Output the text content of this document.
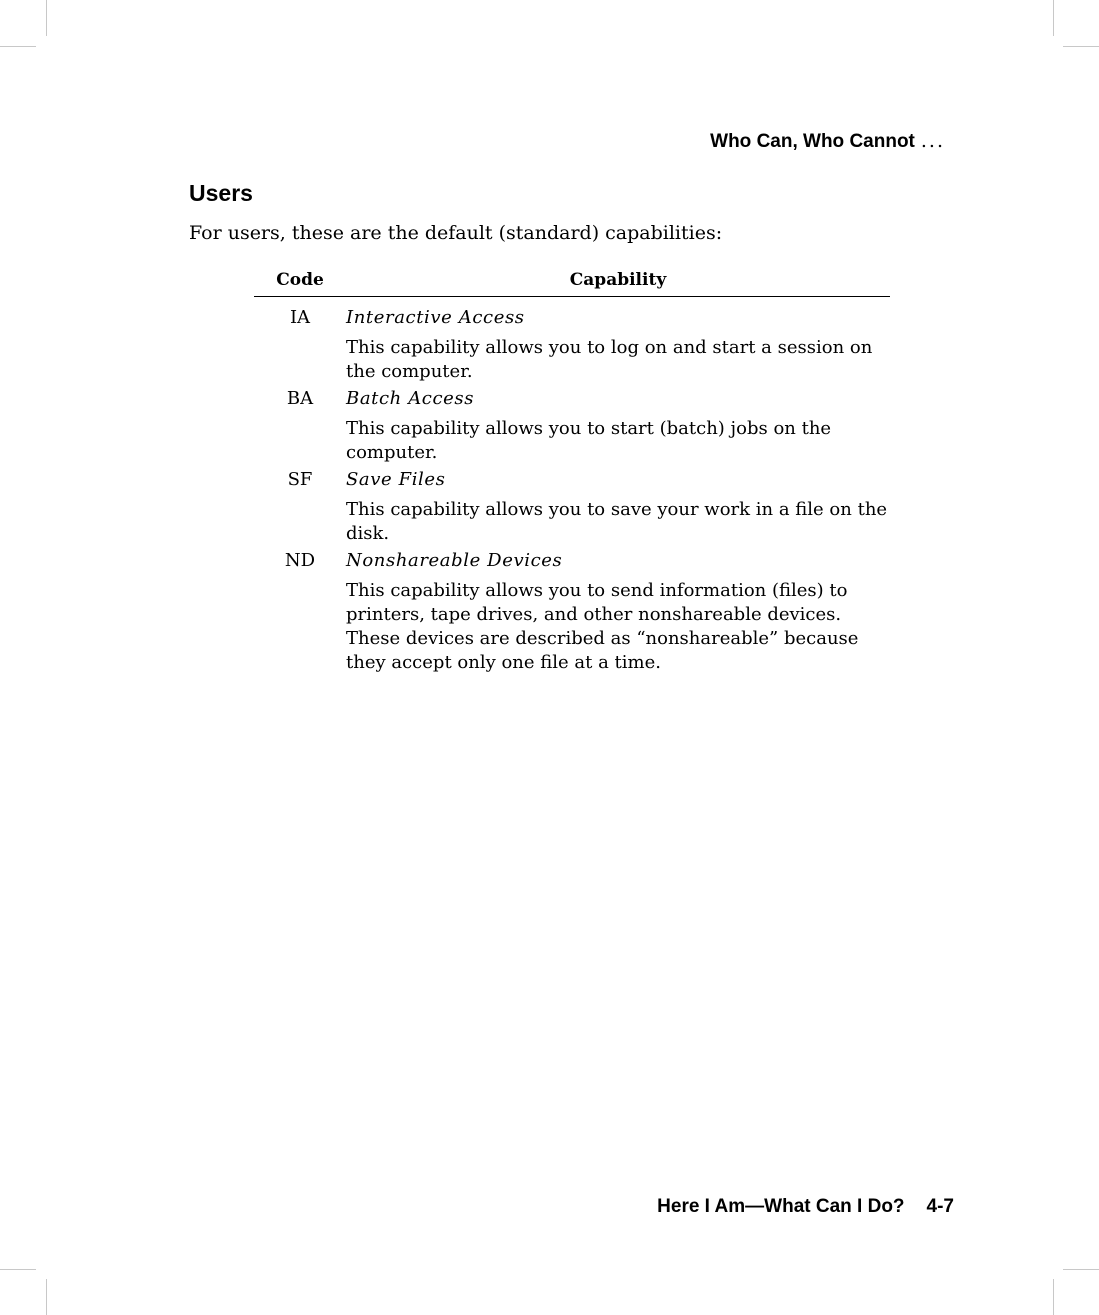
Who Can, Who Cannot ...
Users

For users, these are the default (standard) capabilities:

Code	Capability
IA	Interactive Access
	This capability allows you to log on and start a session on the computer.
BA	Batch Access
	This capability allows you to start (batch) jobs on the computer.
SF	Save Files
	This capability allows you to save your work in a file on the disk.
ND	Nonshareable Devices
	This capability allows you to send information (files) to printers, tape drives, and other nonshareable devices. These devices are described as “nonshareable” because they accept only one file at a time.
Here I Am—What Can I Do? 4-7
